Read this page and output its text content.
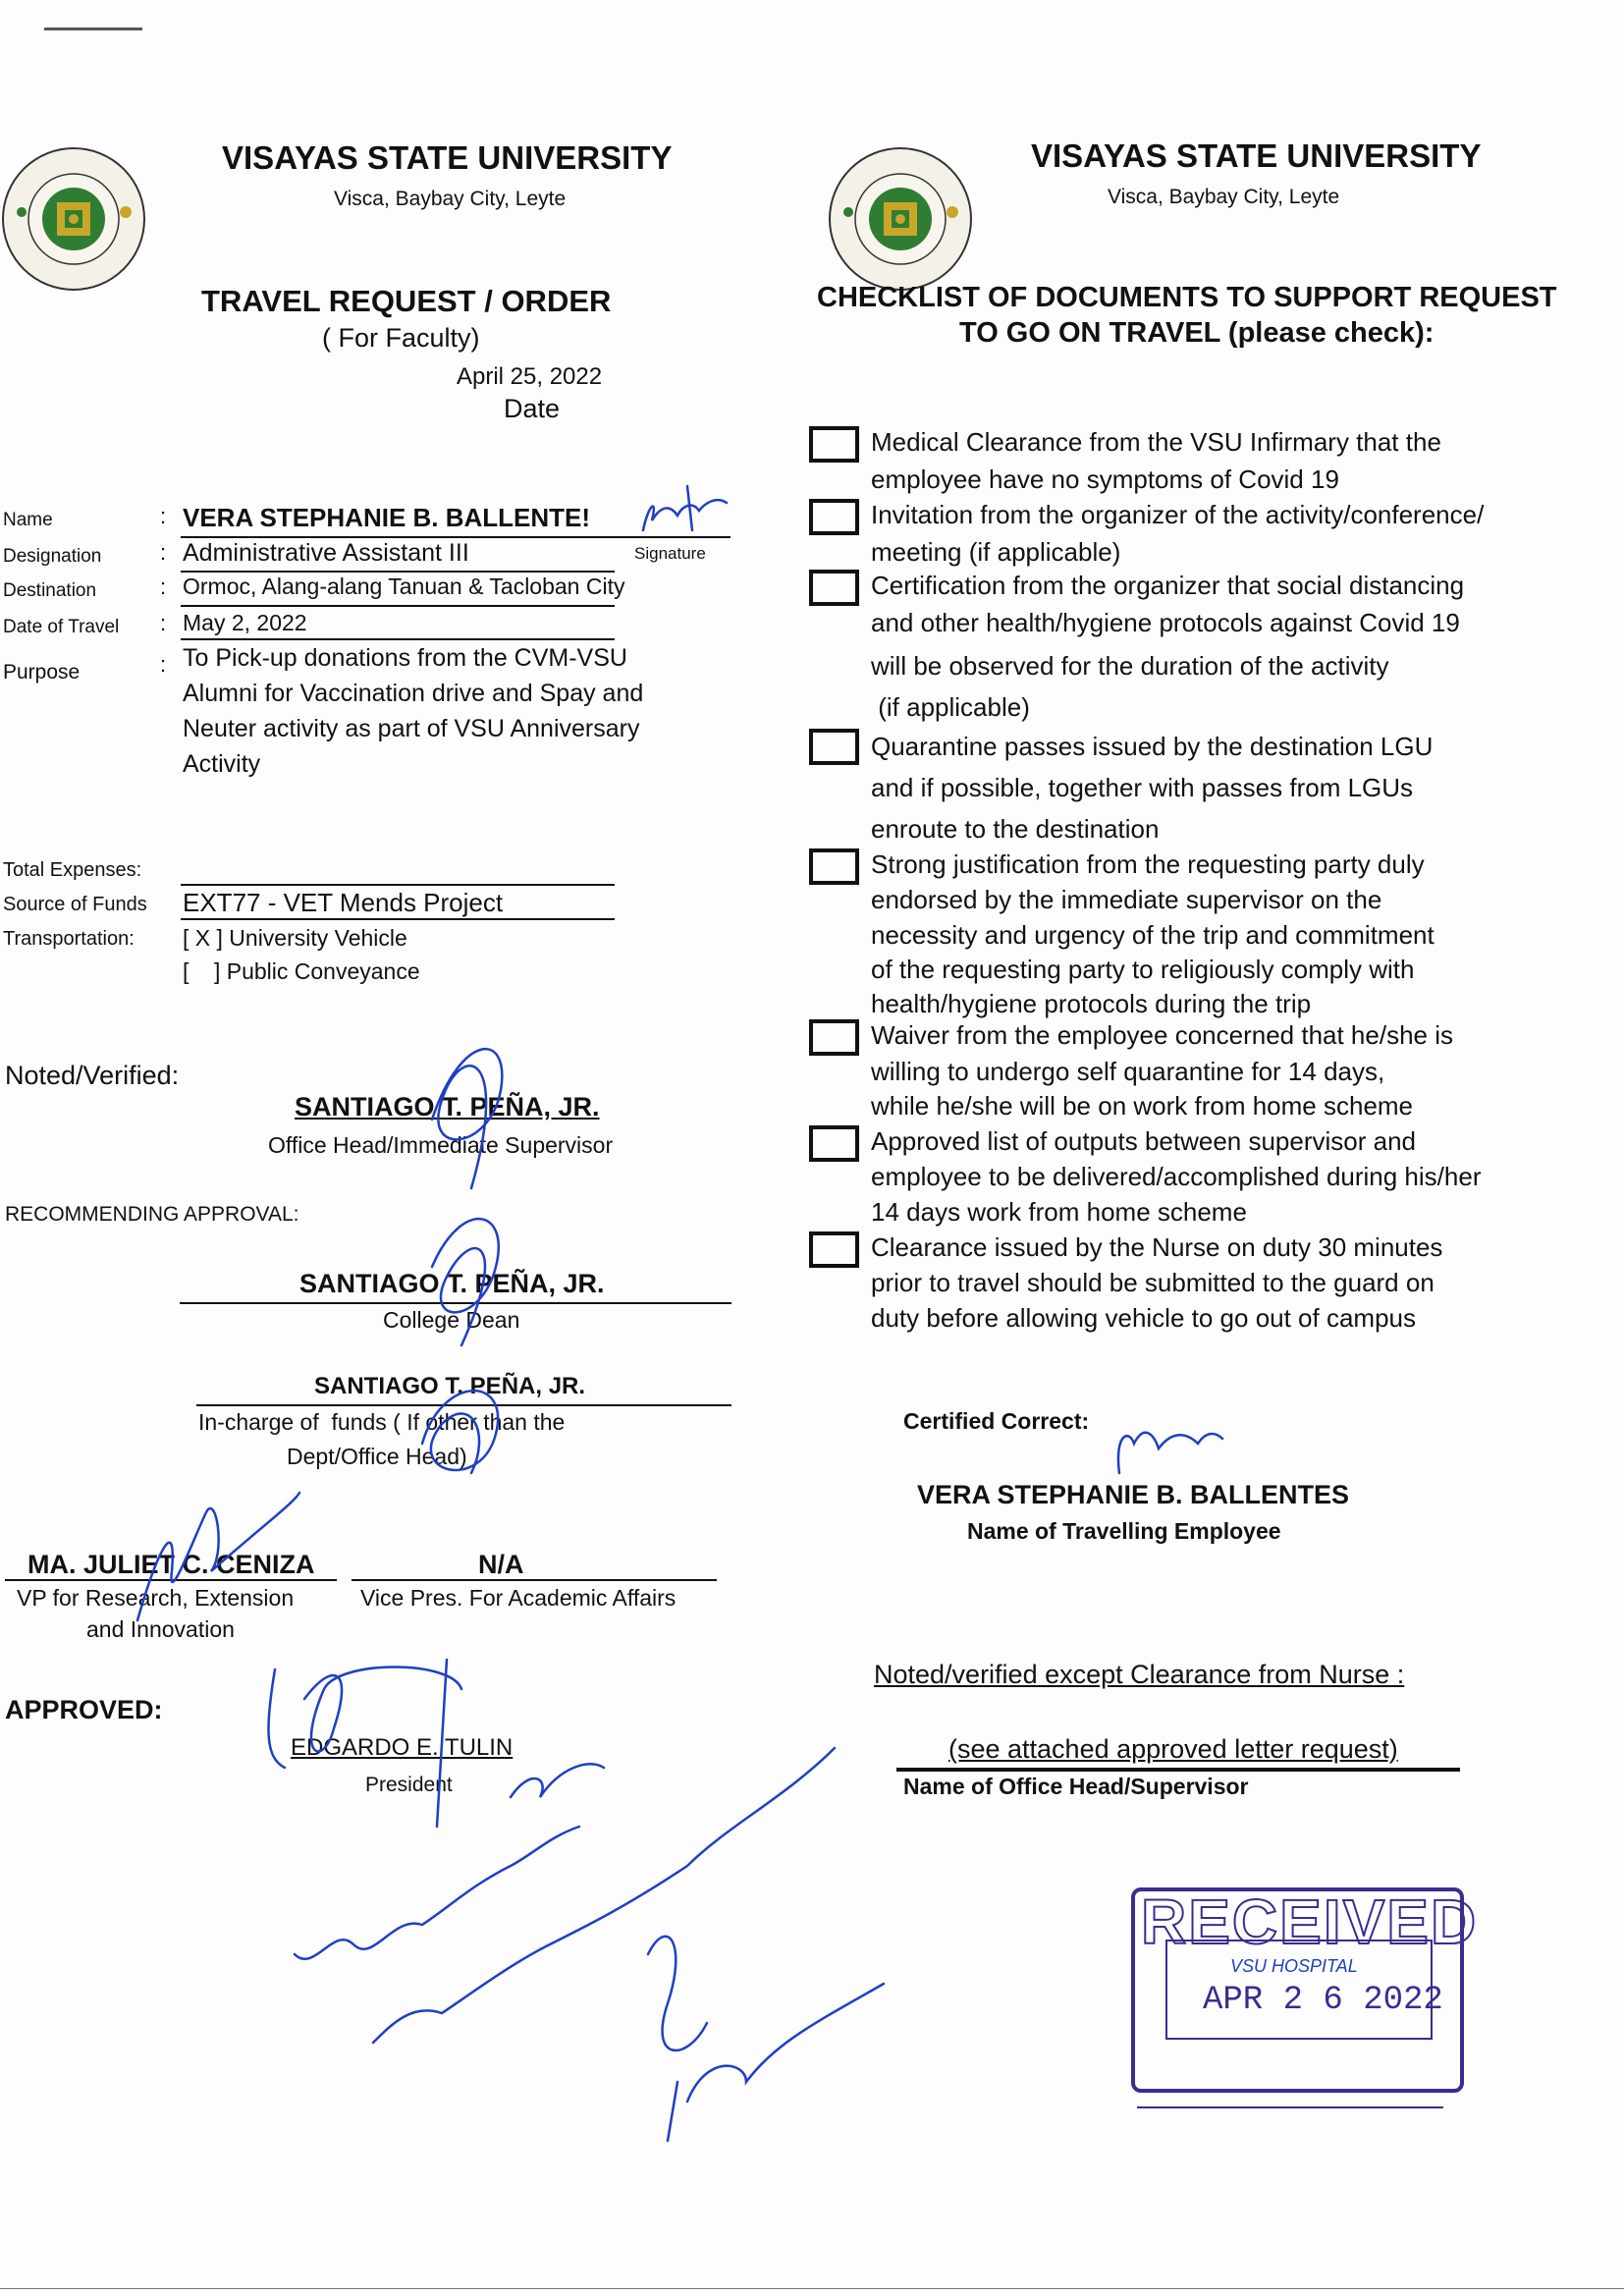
VISAYAS STATE UNIVERSITY
Visca, Baybay City, Leyte
VISAYAS STATE UNIVERSITY
Visca, Baybay City, Leyte
TRAVEL REQUEST / ORDER
( For Faculty)
April 25, 2022
Date
Name	: VERA STEPHANIE B. BALLENTE!
Signature
Designation	: Administrative Assistant III
Destination	: Ormoc, Alang-alang Tanuan & Tacloban City
Date of Travel : May 2, 2022
Purpose	: To Pick-up donations from the CVM-VSU
Alumni for Vaccination drive and Spay and
Neuter activity as part of VSU Anniversary
Activity
Total Expenses:
Source of Funds EXT77 - VET Mends Project
Transportation: [ X ] University Vehicle
[    ] Public Conveyance
Noted/Verified:
SANTIAGO T. PEÑA, JR.
Office Head/Immediate Supervisor
RECOMMENDING APPROVAL:
SANTIAGO T. PEÑA, JR.
College Dean
SANTIAGO T. PEÑA, JR.
In-charge of  funds ( If other than the
Dept/Office Head)
MA. JULIET C. CENIZA
VP for Research, Extension
and Innovation
N/A
Vice Pres. For Academic Affairs
APPROVED:
EDGARDO E. TULIN
President
CHECKLIST OF DOCUMENTS TO SUPPORT REQUEST
TO GO ON TRAVEL (please check):
Medical Clearance from the VSU Infirmary that the
employee have no symptoms of Covid 19
Invitation from the organizer of the activity/conference/
meeting (if applicable)
Certification from the organizer that social distancing
and other health/hygiene protocols against Covid 19
will be observed for the duration of the activity
(if applicable)
Quarantine passes issued by the destination LGU
and if possible, together with passes from LGUs
enroute to the destination
Strong justification from the requesting party duly
endorsed by the immediate supervisor on the
necessity and urgency of the trip and commitment
of the requesting party to religiously comply with
health/hygiene protocols during the trip
Waiver from the employee concerned that he/she is
willing to undergo self quarantine for 14 days,
while he/she will be on work from home scheme
Approved list of outputs between supervisor and
employee to be delivered/accomplished during his/her
14 days work from home scheme
Clearance issued by the Nurse on duty 30 minutes
prior to travel should be submitted to the guard on
duty before allowing vehicle to go out of campus
Certified Correct:
VERA STEPHANIE B. BALLENTES
Name of Travelling Employee
Noted/verified except Clearance from Nurse :
(see attached approved letter request)
Name of Office Head/Supervisor
RECEIVED
APR 2 6 2022
VSU HOSPITAL
